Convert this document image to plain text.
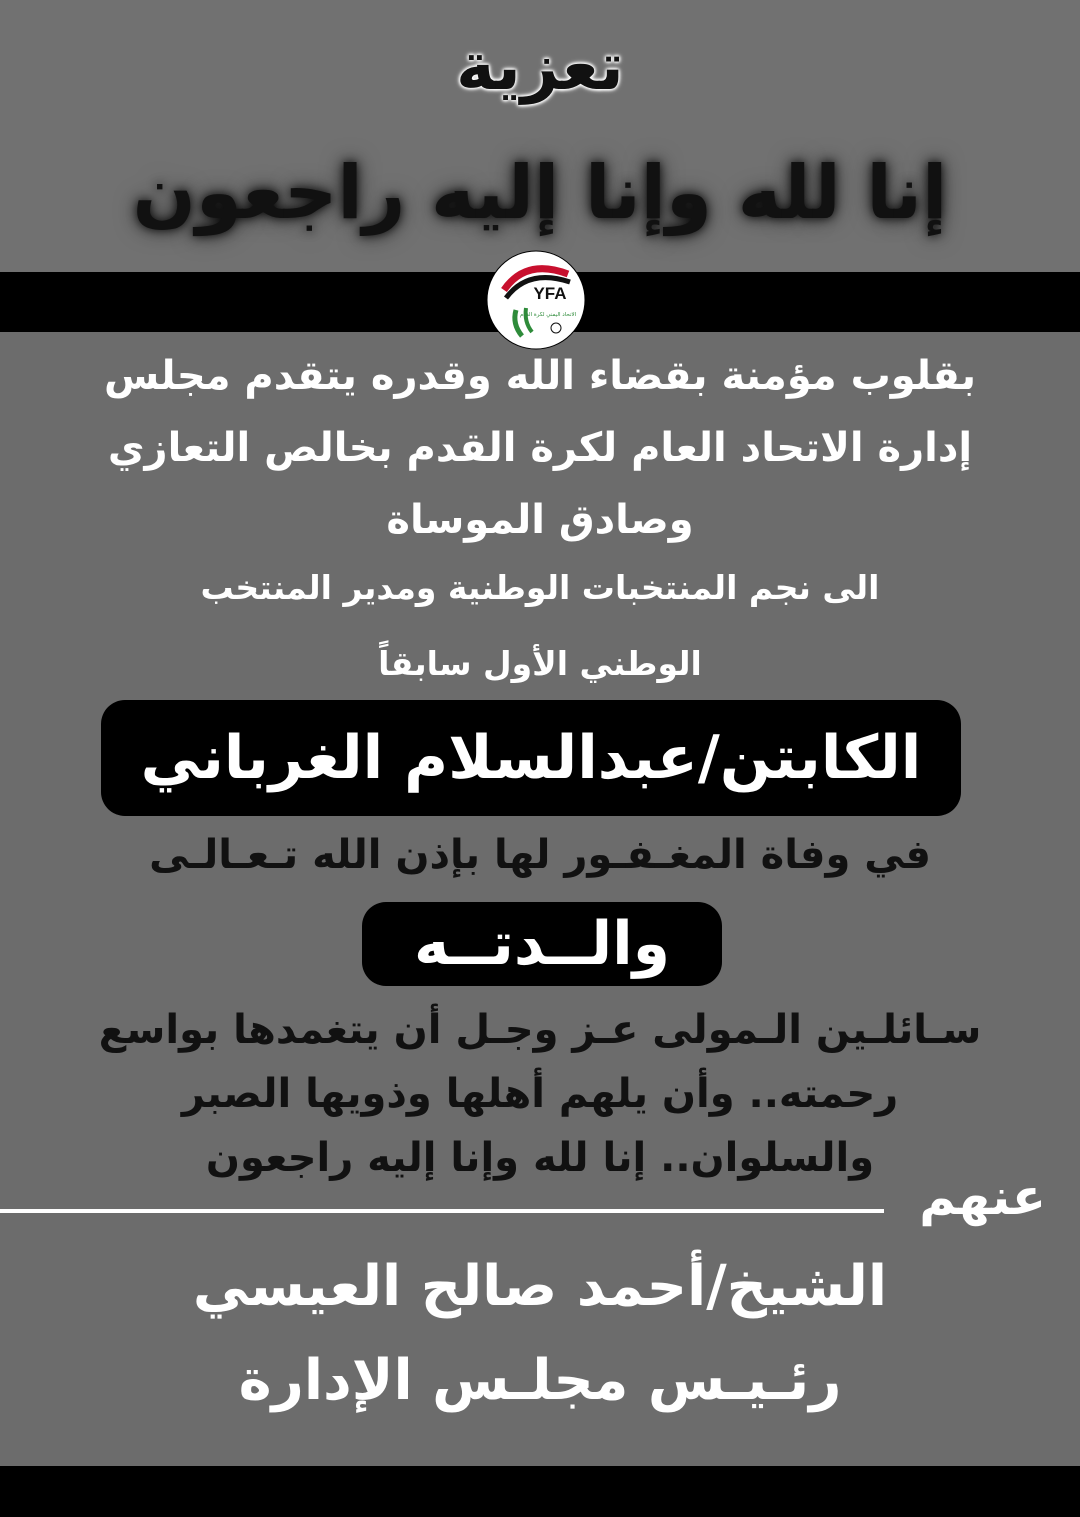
تعزية
إنا لله وإنا إليه راجعون
YFA
الاتحاد اليمني لكرة القدم

بقلوب مؤمنة بقضاء الله وقدره يتقدم مجلس
إدارة الاتحاد العام لكرة القدم بخالص التعازي
وصادق الموساة

الى نجم المنتخبات الوطنية ومدير المنتخب
الوطني الأول سابقاً

الكابتن/عبدالسلام الغرباني

في وفاة المغـفـور لها بإذن الله تـعـالـى

والــدتــه

سـائلـين الـمولى عـز وجـل أن يتغمدها بواسع
رحمته.. وأن يلهم أهلها وذويها الصبر
والسلوان.. إنا لله وإنا إليه راجعون

عنهم

الشيخ/أحمد صالح العيسي

رئـيـس مجلـس الإدارة
